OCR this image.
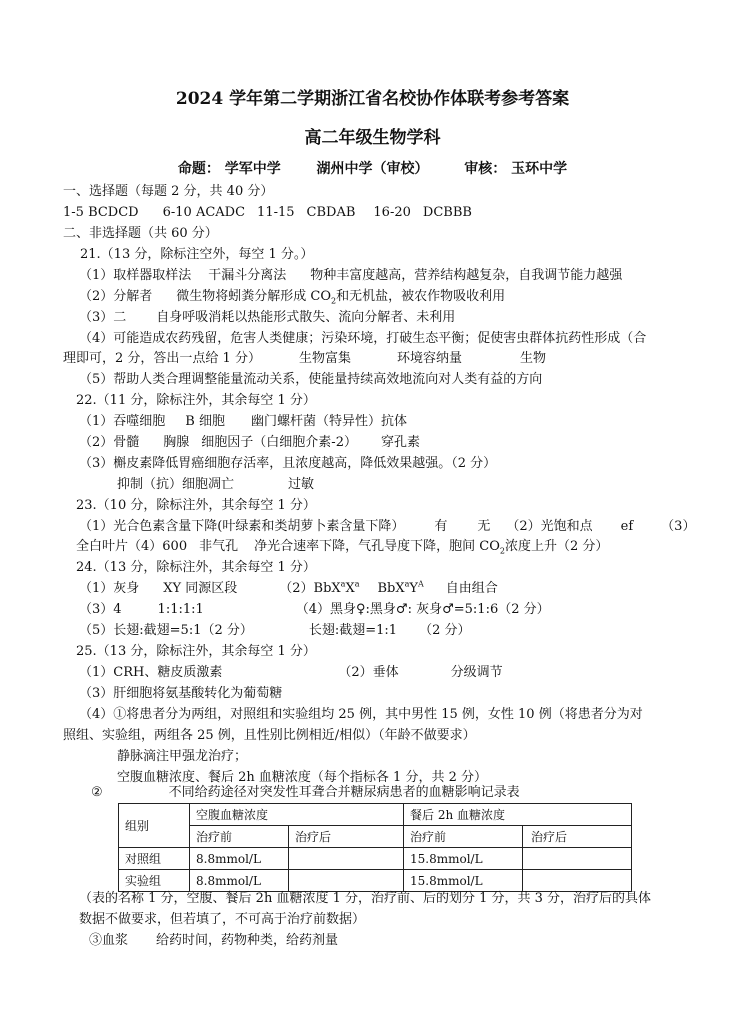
2024 学年第二学期浙江省名校协作体联考参考答案
高二年级生物学科
命题： 学军中学	湖州中学（审校）	审核： 玉环中学
一、选择题（每题 2 分，共 40 分）
1-5 BCDCD 6-10 ACADC 11-15 CBDAB 16-20 DCBBB
二、非选择题（共 60 分）
21.（13 分，除标注空外，每空 1 分。）
（1）取样器取样法 干漏斗分离法 物种丰富度越高，营养结构越复杂，自我调节能力越强
（2）分解者 微生物将蚓粪分解形成 $CO_2$和无机盐，被农作物吸收利用
（3）二 自身呼吸消耗以热能形式散失、流向分解者、未利用
（4）可能造成农药残留，危害人类健康；污染环境，打破生态平衡；促使害虫群体抗药性形成（合
理即可，2 分，答出一点给 1 分）	生物富集	环境容纳量	生物
（5）帮助人类合理调整能量流动关系，使能量持续高效地流向对人类有益的方向
22.（11 分，除标注外，其余每空 1 分）
（1）吞噬细胞 B 细胞 幽门螺杆菌（特异性）抗体
（2）骨髓 胸腺 细胞因子（白细胞介素-2） 穿孔素
（3）槲皮素降低胃癌细胞存活率，且浓度越高，降低效果越强。（2 分）
抑制（抗）细胞凋亡	过敏
23.（10 分，除标注外，其余每空 1 分）
（1）光合色素含量下降(叶绿素和类胡萝卜素含量下降） 有 无 （2）光饱和点 ef （3）
全白叶片（4）600 非气孔 净光合速率下降，气孔导度下降，胞间 $CO_2$浓度上升（2 分）
24.（13 分，除标注外，其余每空 1 分）
（1）灰身 XY 同源区段	$(2)BbX^aX^a$ $BbX^aY^A$ 自由组合
（3）4	1:1:1:1	（4）黑身♀:黑身♂: 灰身♂=5:1:6（2 分）
（5）长翅:截翅=5:1（2 分）	长翅:截翅=1:1 （2 分）
25.（13 分，除标注外，其余每空 1 分）
（1）CRH、糖皮质激素	（2）垂体	分级调节
（3）肝细胞将氨基酸转化为葡萄糖
（4）①将患者分为两组，对照组和实验组均 25 例，其中男性 15 例，女性 10 例（将患者分为对
照组、实验组，两组各 25 例，且性别比例相近/相似）（年龄不做要求）
静脉滴注甲强龙治疗；
空腹血糖浓度、餐后 2h 血糖浓度（每个指标各 1 分，共 2 分）
②	不同给药途径对突发性耳聋合并糖尿病患者的血糖影响记录表
组别	空腹血糖浓度		餐后 2h 血糖浓度	
	治疗前	治疗后	治疗前	治疗后
对照组	8.8mmol/L		15.8mmol/L	
实验组	8.8mmol/L		15.8mmol/L	
（表的名称 1 分，空腹、餐后 2h 血糖浓度 1 分，治疗前、后的划分 1 分，共 3 分，治疗后的具体
数据不做要求，但若填了，不可高于治疗前数据）
③血浆 给药时间，药物种类，给药剂量
